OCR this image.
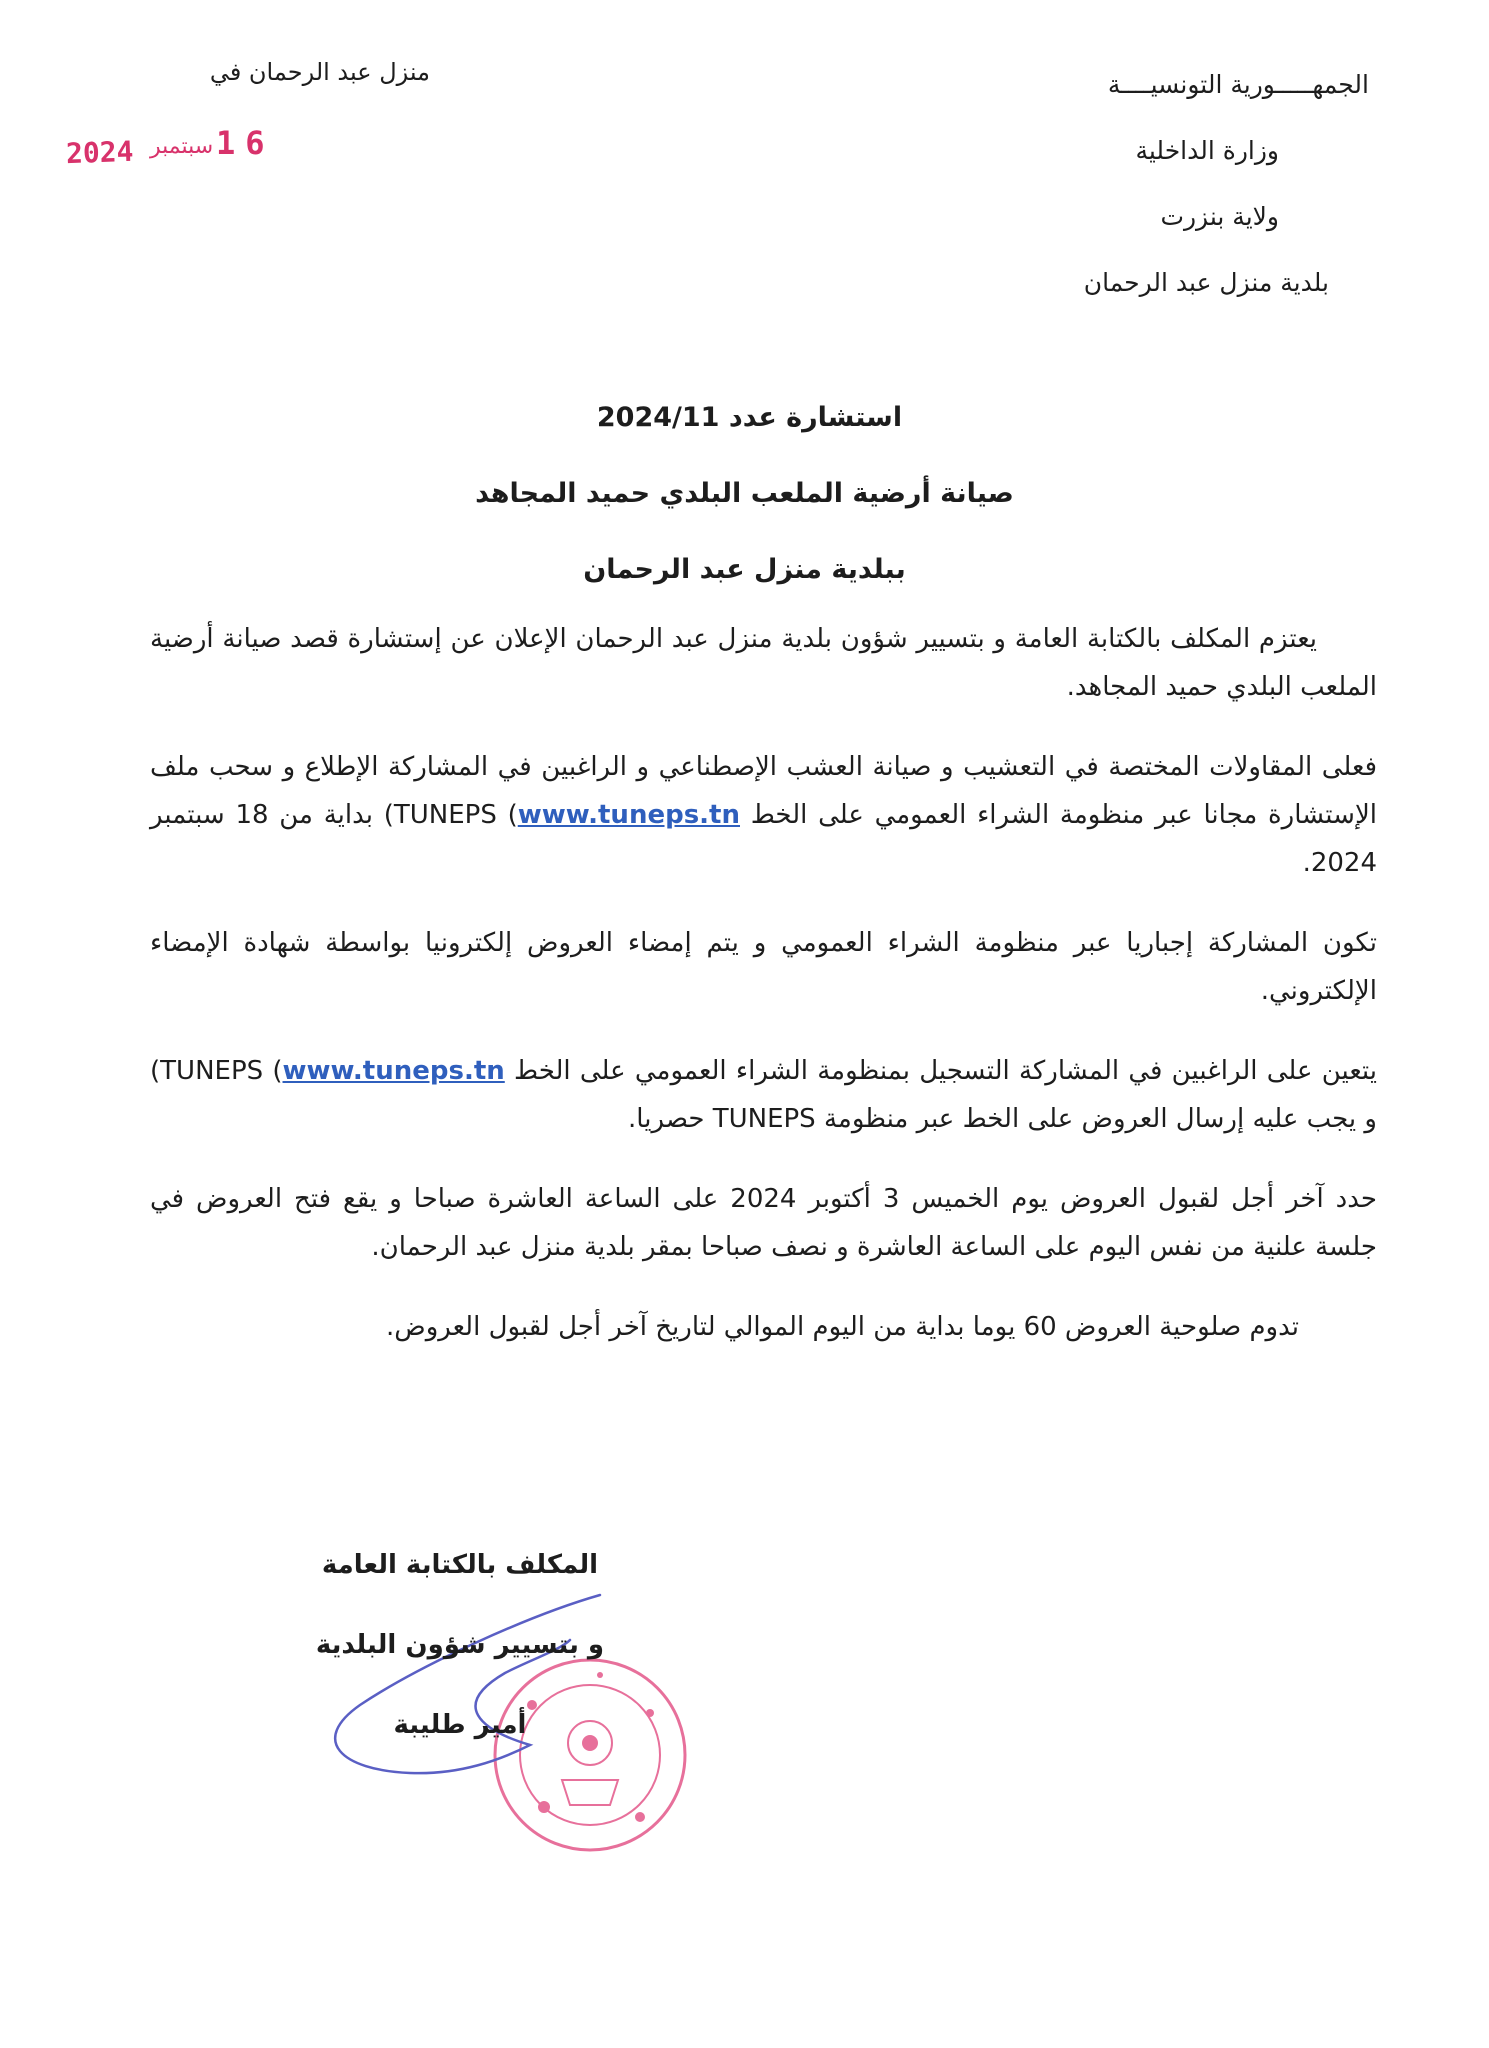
الجمهـــــورية التونسيــــة
وزارة الداخلية
ولاية بنزرت
بلدية منزل عبد الرحمان
منزل عبد الرحمان في
2024 سبتمبر 16
استشارة عدد 2024/11
صيانة أرضية الملعب البلدي حميد المجاهد
ببلدية منزل عبد الرحمان

يعتزم المكلف بالكتابة العامة و بتسيير شؤون بلدية منزل عبد الرحمان الإعلان عن إستشارة قصد صيانة أرضية الملعب البلدي حميد المجاهد.

فعلى المقاولات المختصة في التعشيب و صيانة العشب الإصطناعي و الراغبين في المشاركة الإطلاع و سحب ملف الإستشارة مجانا عبر منظومة الشراء العمومي على الخط TUNEPS (www.tuneps.tn) بداية من 18 سبتمبر 2024.

تكون المشاركة إجباريا عبر منظومة الشراء العمومي و يتم إمضاء العروض إلكترونيا بواسطة شهادة الإمضاء الإلكتروني.

يتعين على الراغبين في المشاركة التسجيل بمنظومة الشراء العمومي على الخط TUNEPS (www.tuneps.tn) و يجب عليه إرسال العروض على الخط عبر منظومة TUNEPS حصريا.

حدد آخر أجل لقبول العروض يوم الخميس 3 أكتوبر 2024 على الساعة العاشرة صباحا و يقع فتح العروض في جلسة علنية من نفس اليوم على الساعة العاشرة و نصف صباحا بمقر بلدية منزل عبد الرحمان.

تدوم صلوحية العروض 60 يوما بداية من اليوم الموالي لتاريخ آخر أجل لقبول العروض.

المكلف بالكتابة العامة
و بتسيير شؤون البلدية
أمير طليبة
